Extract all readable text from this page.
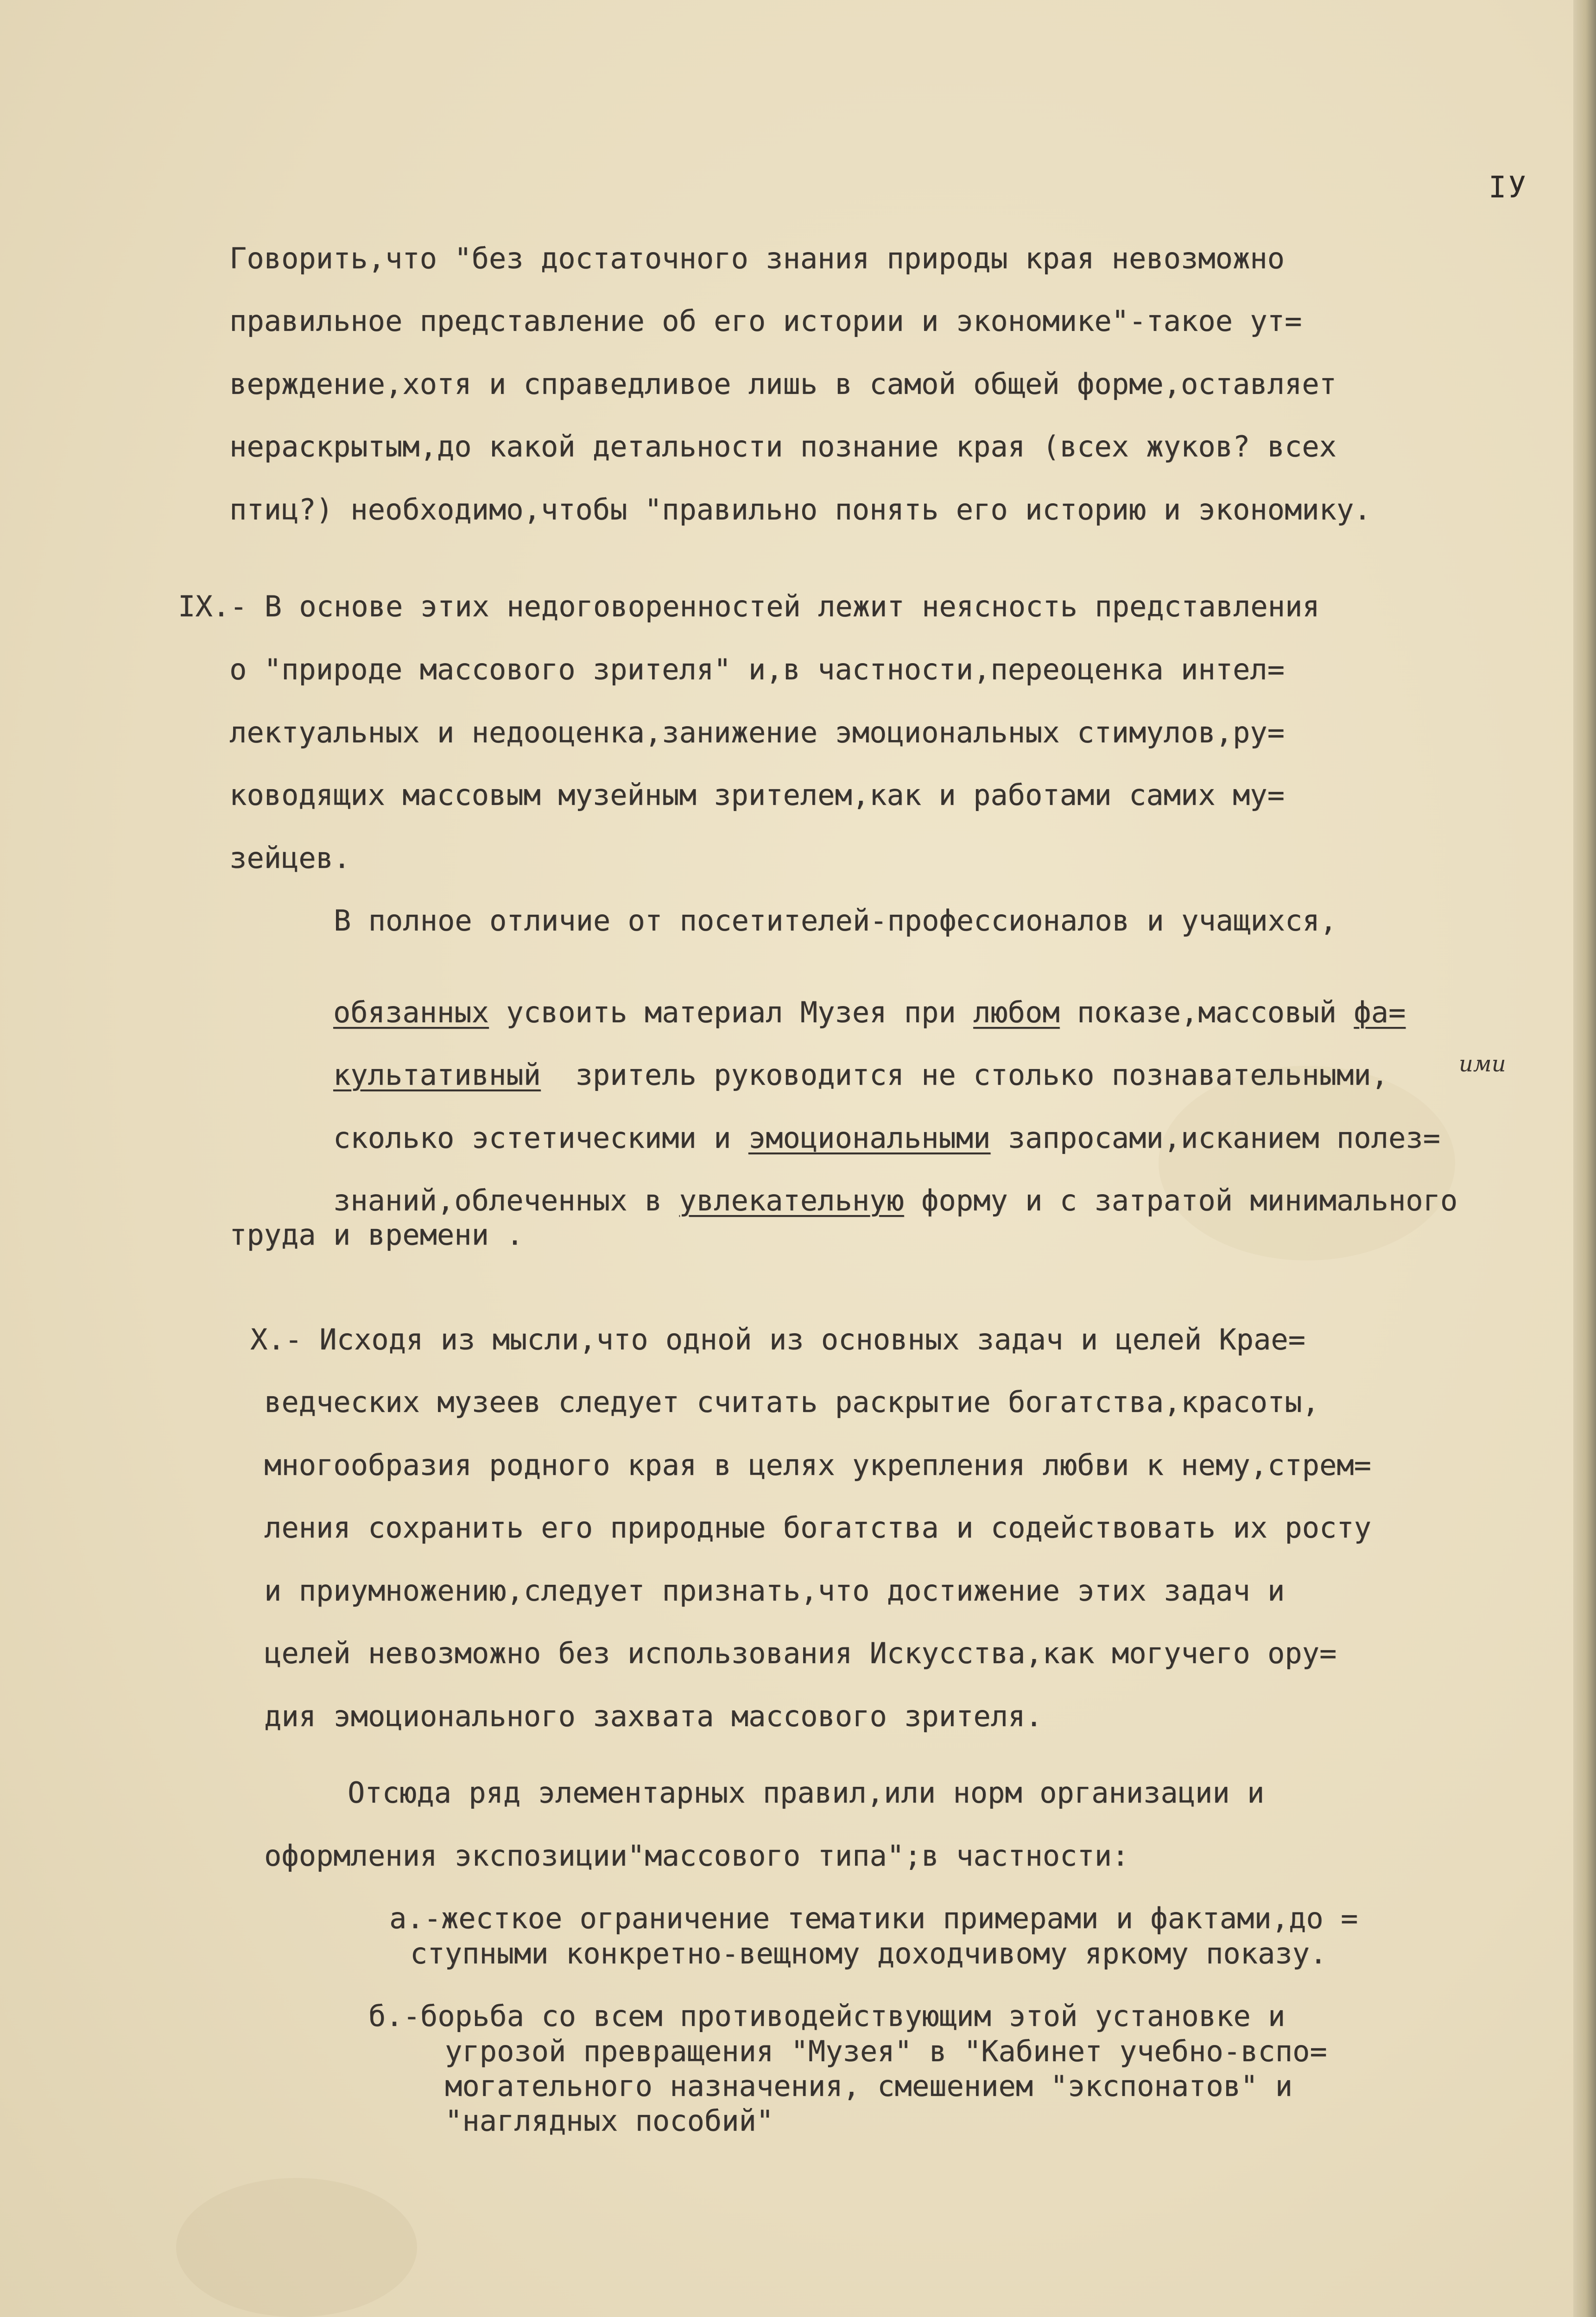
IУ
Говорить,что "без достаточного знания природы края невозможно
правильное представление об его истории и экономике"-такое ут=
верждение,хотя и справедливое лишь в самой общей форме,оставляет
нераскрытым,до какой детальности познание края (всех жуков? всех
птиц?) необходимо,чтобы "правильно понять его историю и экономику.
IX.- В основе этих недоговоренностей лежит неясность представления
о "природе массового зрителя" и,в частности,переоценка интел=
лектуальных и недооценка,занижение эмоциональных стимулов,ру=
ководящих массовым музейным зрителем,как и работами самих му=
зейцев.
В полное отличие от посетителей-профессионалов и учащихся,

обязанных усвоить материал Музея при любом показе,массовый фа=

культативный  зритель руководится не столько познавательными,
	ими

сколько эстетическими и эмоциональными запросами,исканием полез=

знаний,облеченных в увлекательную форму и с затратой минимального

труда и времени .
X.- Исходя из мысли,что одной из основных задач и целей Крае=
ведческих музеев следует считать раскрытие богатства,красоты,
многообразия родного края в целях укрепления любви к нему,стрем=
ления сохранить его природные богатства и содействовать их росту
и приумножению,следует признать,что достижение этих задач и
целей невозможно без использования Искусства,как могучего ору=
дия эмоционального захвата массового зрителя.
Отсюда ряд элементарных правил,или норм организации и
оформления экспозиции"массового типа";в частности:
а.-жесткое ограничение тематики примерами и фактами,до =
ступными конкретно-вещному доходчивому яркому показу.
б.-борьба со всем противодействующим этой установке и
угрозой превращения "Музея" в "Кабинет учебно-вспо=
могательного назначения, смешением "экспонатов" и
"наглядных пособий"
